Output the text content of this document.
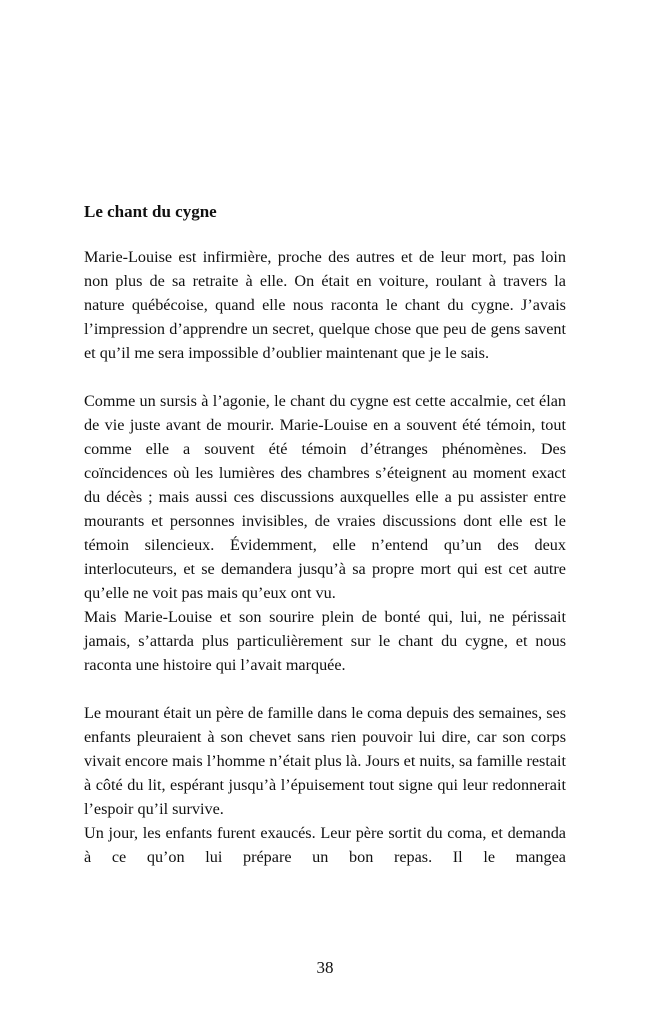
Le chant du cygne

Marie-Louise est infirmière, proche des autres et de leur mort, pas loin non plus de sa retraite à elle. On était en voiture, roulant à travers la nature québécoise, quand elle nous raconta le chant du cygne. J’avais l’impression d’apprendre un secret, quelque chose que peu de gens savent et qu’il me sera impossible d’oublier maintenant que je le sais.

Comme un sursis à l’agonie, le chant du cygne est cette accalmie, cet élan de vie juste avant de mourir. Marie-Louise en a souvent été témoin, tout comme elle a souvent été témoin d’étranges phénomènes. Des coïncidences où les lumières des chambres s’éteignent au moment exact du décès ; mais aussi ces discussions auxquelles elle a pu assister entre mourants et personnes invisibles, de vraies discussions dont elle est le témoin silencieux. Évidemment, elle n’entend qu’un des deux interlocuteurs, et se demandera jusqu’à sa propre mort qui est cet autre qu’elle ne voit pas mais qu’eux ont vu.

Mais Marie-Louise et son sourire plein de bonté qui, lui, ne périssait jamais, s’attarda plus particulièrement sur le chant du cygne, et nous raconta une histoire qui l’avait marquée.

Le mourant était un père de famille dans le coma depuis des semaines, ses enfants pleuraient à son chevet sans rien pouvoir lui dire, car son corps vivait encore mais l’homme n’était plus là. Jours et nuits, sa famille restait à côté du lit, espérant jusqu’à l’épuisement tout signe qui leur redonnerait l’espoir qu’il survive.

Un jour, les enfants furent exaucés. Leur père sortit du coma, et demanda à ce qu’on lui prépare un bon repas. Il le mangea

38
